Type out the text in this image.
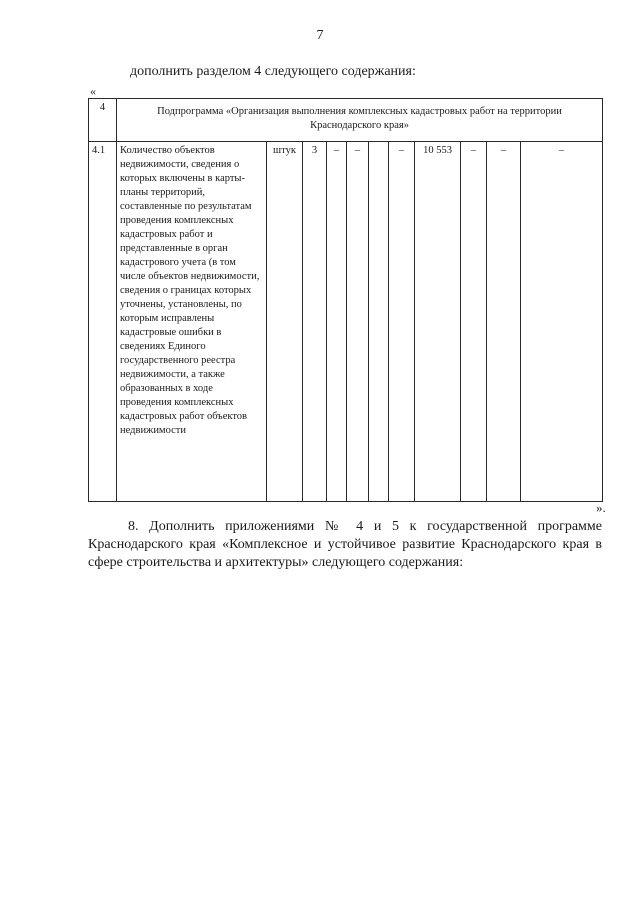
7
дополнить разделом 4 следующего содержания:
«
4	Подпрограмма «Организация выполнения комплексных кадастровых работ на территории Краснодарского края»										
4.1	Количество объектов недвижимости, сведения о которых включены в карты-планы территорий, составленные по результатам проведения комплексных кадастровых работ и представленные в орган кадастрового учета (в том числе объектов недвижимости, сведения о границах которых уточнены, установлены, по которым исправлены кадастровые ошибки в сведениях Единого государственного реестра недвижимости, а также образованных в ходе проведения комплексных кадастровых работ объектов недвижимости	штук	3	–	–		–	10 553	–	–	–
».
8. Дополнить приложениями № 4 и 5 к государственной программе Краснодарского края «Комплексное и устойчивое развитие Краснодарского края в сфере строительства и архитектуры» следующего содержания:
